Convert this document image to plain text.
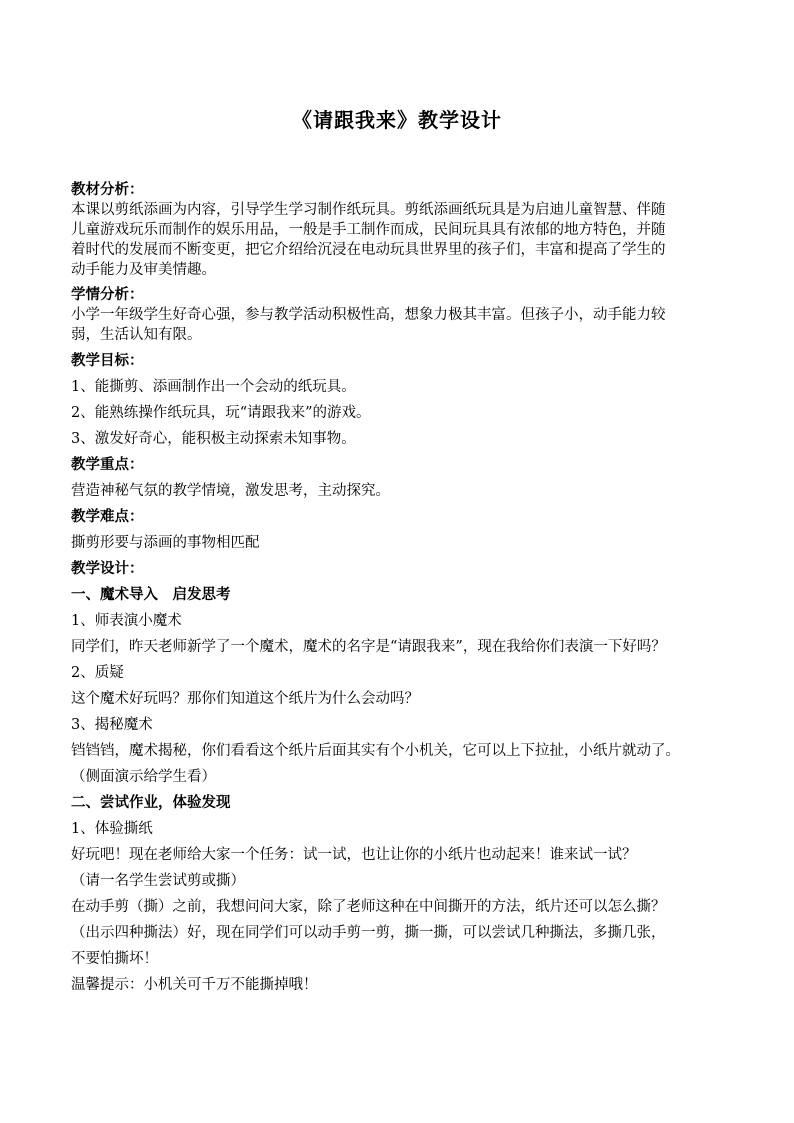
《请跟我来》教学设计
教材分析：
本课以剪纸添画为内容，引导学生学习制作纸玩具。剪纸添画纸玩具是为启迪儿童智慧、伴随
儿童游戏玩乐而制作的娱乐用品，一般是手工制作而成，民间玩具具有浓郁的地方特色，并随
着时代的发展而不断变更，把它介绍给沉浸在电动玩具世界里的孩子们，丰富和提高了学生的
动手能力及审美情趣。
学情分析：
小学一年级学生好奇心强，参与教学活动积极性高，想象力极其丰富。但孩子小，动手能力较
弱，生活认知有限。
教学目标：
1、能撕剪、添画制作出一个会动的纸玩具。
2、能熟练操作纸玩具，玩“请跟我来”的游戏。
3、激发好奇心，能积极主动探索未知事物。
教学重点：
营造神秘气氛的教学情境，激发思考，主动探究。
教学难点：
撕剪形要与添画的事物相匹配
教学设计：
一、魔术导入　启发思考
1、师表演小魔术
同学们，昨天老师新学了一个魔术，魔术的名字是“请跟我来”，现在我给你们表演一下好吗？
2、质疑
这个魔术好玩吗？那你们知道这个纸片为什么会动吗？
3、揭秘魔术
铛铛铛，魔术揭秘，你们看看这个纸片后面其实有个小机关，它可以上下拉扯，小纸片就动了。
（侧面演示给学生看）
二、尝试作业，体验发现
1、体验撕纸
好玩吧！现在老师给大家一个任务：试一试，也让让你的小纸片也动起来！谁来试一试？
（请一名学生尝试剪或撕）
在动手剪（撕）之前，我想问问大家，除了老师这种在中间撕开的方法，纸片还可以怎么撕？
（出示四种撕法）好，现在同学们可以动手剪一剪，撕一撕，可以尝试几种撕法，多撕几张，
不要怕撕坏！
温馨提示：小机关可千万不能撕掉哦！
